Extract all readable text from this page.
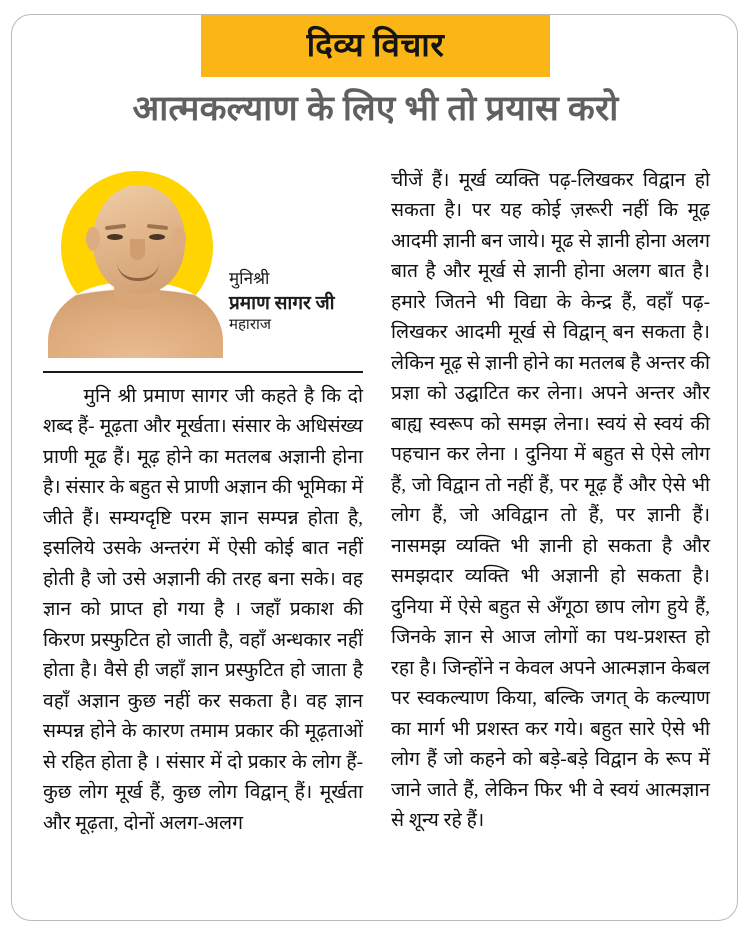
दिव्य विचार
आत्मकल्याण के लिए भी तो प्रयास करो
मुनिश्री
प्रमाण सागर जी
महाराज
मुनि श्री प्रमाण सागर जी कहते है कि दो शब्द हैं- मूढ़ता और मूर्खता। संसार के अधिसंख्य प्राणी मूढ हैं। मूढ़ होने का मतलब अज्ञानी होना है। संसार के बहुत से प्राणी अज्ञान की भूमिका में जीते हैं। सम्यग्दृष्टि परम ज्ञान सम्पन्न होता है, इसलिये उसके अन्तरंग में ऐसी कोई बात नहीं होती है जो उसे अज्ञानी की तरह बना सके। वह ज्ञान को प्राप्त हो गया है । जहाँ प्रकाश की किरण प्रस्फुटित हो जाती है, वहाँ अन्धकार नहीं होता है। वैसे ही जहाँ ज्ञान प्रस्फुटित हो जाता है वहाँ अज्ञान कुछ नहीं कर सकता है। वह ज्ञान सम्पन्न होने के कारण तमाम प्रकार की मूढ़ताओं से रहित होता है । संसार में दो प्रकार के लोग हैं- कुछ लोग मूर्ख हैं, कुछ लोग विद्वान् हैं। मूर्खता और मूढ़ता, दोनों अलग-अलग
चीजें हैं। मूर्ख व्यक्ति पढ़-लिखकर विद्वान हो सकता है। पर यह कोई ज़रूरी नहीं कि मूढ़ आदमी ज्ञानी बन जाये। मूढ से ज्ञानी होना अलग बात है और मूर्ख से ज्ञानी होना अलग बात है। हमारे जितने भी विद्या के केन्द्र हैं, वहाँ पढ़-लिखकर आदमी मूर्ख से विद्वान् बन सकता है। लेकिन मूढ़ से ज्ञानी होने का मतलब है अन्तर की प्रज्ञा को उद्घाटित कर लेना। अपने अन्तर और बाह्य स्वरूप को समझ लेना। स्वयं से स्वयं की पहचान कर लेना । दुनिया में बहुत से ऐसे लोग हैं, जो विद्वान तो नहीं हैं, पर मूढ़ हैं और ऐसे भी लोग हैं, जो अविद्वान तो हैं, पर ज्ञानी हैं। नासमझ व्यक्ति भी ज्ञानी हो सकता है और समझदार व्यक्ति भी अज्ञानी हो सकता है। दुनिया में ऐसे बहुत से अँगूठा छाप लोग हुये हैं, जिनके ज्ञान से आज लोगों का पथ-प्रशस्त हो रहा है। जिन्होंने न केवल अपने आत्मज्ञान केबल पर स्वकल्याण किया, बल्कि जगत् के कल्याण का मार्ग भी प्रशस्त कर गये। बहुत सारे ऐसे भी लोग हैं जो कहने को बड़े-बड़े विद्वान के रूप में जाने जाते हैं, लेकिन फिर भी वे स्वयं आत्मज्ञान से शून्य रहे हैं।
